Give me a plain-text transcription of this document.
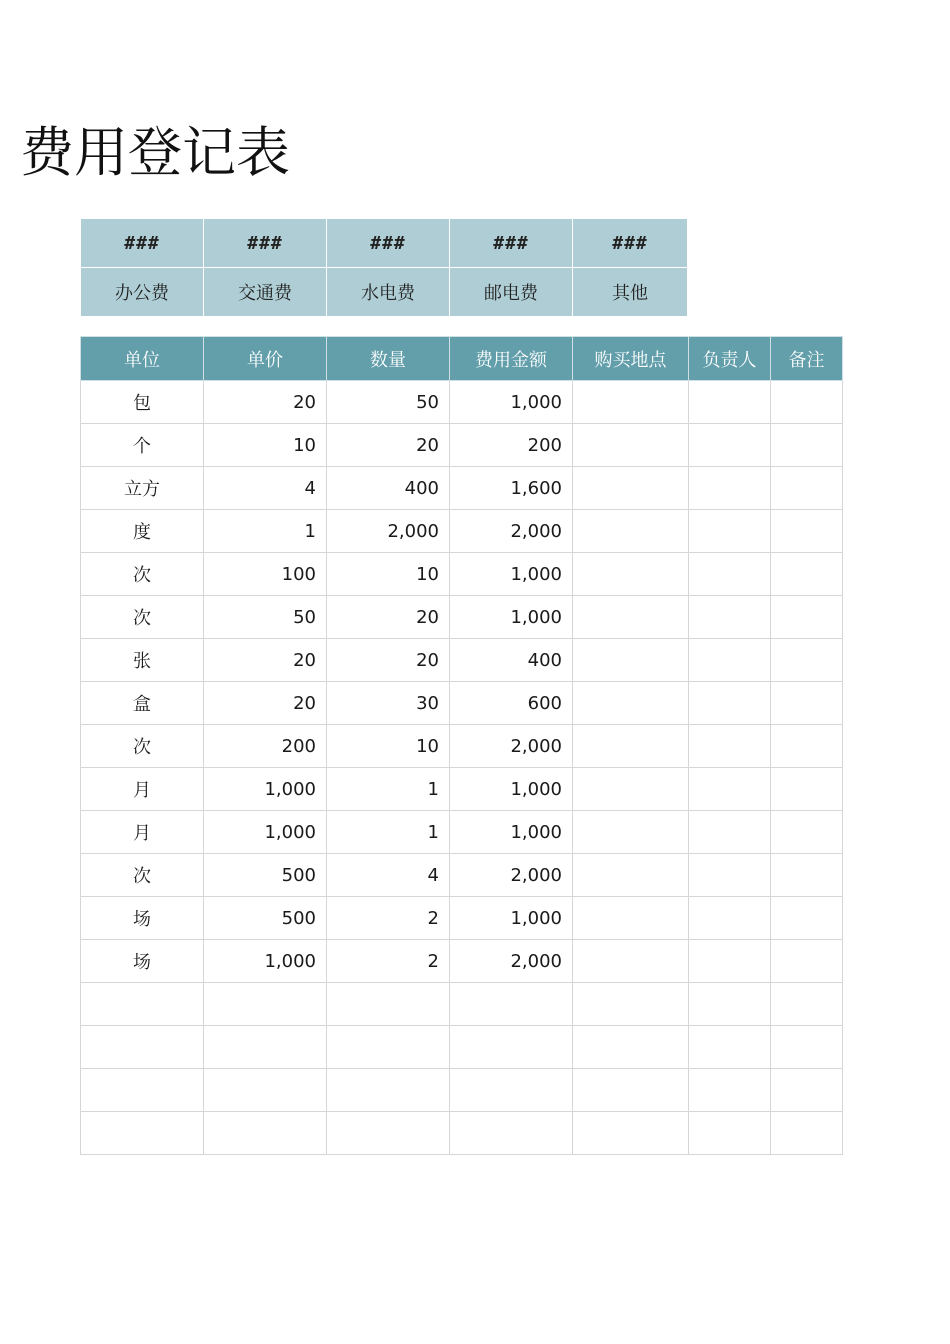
费用登记表
###	###	###	###	###
办公费	交通费	水电费	邮电费	其他
单位	单价	数量	费用金额	购买地点	负责人	备注
包	20	50	1,000			
个	10	20	200			
立方	4	400	1,600			
度	1	2,000	2,000			
次	100	10	1,000			
次	50	20	1,000			
张	20	20	400			
盒	20	30	600			
次	200	10	2,000			
月	1,000	1	1,000			
月	1,000	1	1,000			
次	500	4	2,000			
场	500	2	1,000			
场	1,000	2	2,000			
